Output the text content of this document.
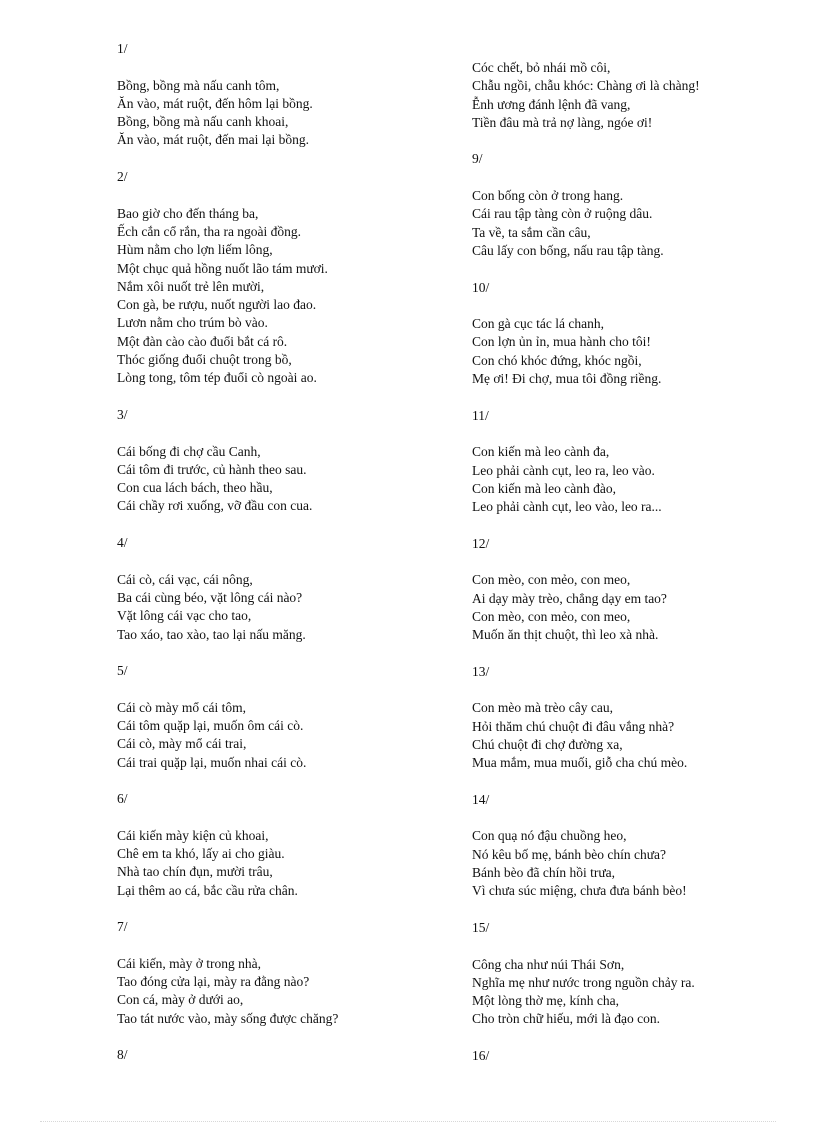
1/
Bồng, bồng mà nấu canh tôm,
Ăn vào, mát ruột, đến hôm lại bồng.
Bồng, bồng mà nấu canh khoai,
Ăn vào, mát ruột, đến mai lại bồng.
2/
Bao giờ cho đến tháng ba,
Ếch cắn cổ rắn, tha ra ngoài đồng.
Hùm nằm cho lợn liếm lông,
Một chục quả hồng nuốt lão tám mươi.
Nắm xôi nuốt trẻ lên mười,
Con gà, be rượu, nuốt người lao đao.
Lươn nằm cho trúm bò vào.
Một đàn cào cào đuổi bắt cá rô.
Thóc giống đuổi chuột trong bồ,
Lòng tong, tôm tép đuổi cò ngoài ao.
3/
Cái bống đi chợ cầu Canh,
Cái tôm đi trước, củ hành theo sau.
Con cua lách bách, theo hầu,
Cái chầy rơi xuống, vỡ đầu con cua.
4/
Cái cò, cái vạc, cái nông,
Ba cái cùng béo, vặt lông cái nào?
Vặt lông cái vạc cho tao,
Tao xáo, tao xào, tao lại nấu măng.
5/
Cái cò mày mổ cái tôm,
Cái tôm quặp lại, muốn ôm cái cò.
Cái cò, mày mổ cái trai,
Cái trai quặp lại, muốn nhai cái cò.
6/
Cái kiến mày kiện củ khoai,
Chê em ta khó, lấy ai cho giàu.
Nhà tao chín đụn, mười trâu,
Lại thêm ao cá, bắc cầu rửa chân.
7/
Cái kiến, mày ở trong nhà,
Tao đóng cửa lại, mày ra đằng nào?
Con cá, mày ở dưới ao,
Tao tát nước vào, mày sống được chăng?
8/
Cóc chết, bỏ nhái mồ côi,
Chẫu ngồi, chẫu khóc: Chàng ơi là chàng!
Ễnh ương đánh lệnh đã vang,
Tiền đâu mà trả nợ làng, ngóe ơi!
9/
Con bống còn ở trong hang.
Cái rau tập tàng còn ở ruộng dâu.
Ta về, ta sắm cần câu,
Câu lấy con bống, nấu rau tập tàng.
10/
Con gà cục tác lá chanh,
Con lợn ủn ỉn, mua hành cho tôi!
Con chó khóc đứng, khóc ngồi,
Mẹ ơi! Đi chợ, mua tôi đồng riềng.
11/
Con kiến mà leo cành đa,
Leo phải cành cụt, leo ra, leo vào.
Con kiến mà leo cành đào,
Leo phải cành cụt, leo vào, leo ra...
12/
Con mèo, con mẻo, con meo,
Ai dạy mày trèo, chẳng dạy em tao?
Con mèo, con mẻo, con meo,
Muốn ăn thịt chuột, thì leo xà nhà.
13/
Con mèo mà trèo cây cau,
Hỏi thăm chú chuột đi đâu vắng nhà?
Chú chuột đi chợ đường xa,
Mua mắm, mua muối, giỗ cha chú mèo.
14/
Con quạ nó đậu chuồng heo,
Nó kêu bố mẹ, bánh bèo chín chưa?
Bánh bèo đã chín hồi trưa,
Vì chưa súc miệng, chưa đưa bánh bèo!
15/
Công cha như núi Thái Sơn,
Nghĩa mẹ như nước trong nguồn chảy ra.
Một lòng thờ mẹ, kính cha,
Cho tròn chữ hiếu, mới là đạo con.
16/
